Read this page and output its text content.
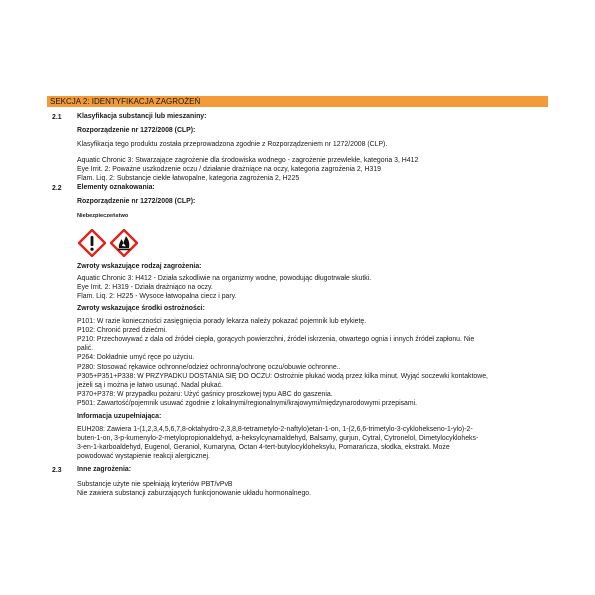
SEKCJA 2: IDENTYFIKACJA ZAGROŻEŃ
2.1 Klasyfikacja substancji lub mieszaniny:
Rozporządzenie nr 1272/2008 (CLP):
Klasyfikacja tego produktu została przeprowadzona zgodnie z Rozporządzeniem nr 1272/2008 (CLP).
Aquatic Chronic 3: Stwarzające zagrożenie dla środowiska wodnego - zagrożenie przewlekłe, kategoria 3, H412
Eye Irrit. 2: Poważne uszkodzenie oczu / działanie drażniące na oczy, kategoria zagrożenia 2, H319
Flam. Liq. 2: Substancje ciekłe łatwopalne, kategoria zagrożenia 2, H225
2.2 Elementy oznakowania:
Rozporządzenie nr 1272/2008 (CLP):
Niebezpieczeństwo
Zwroty wskazujące rodzaj zagrożenia:
Aquatic Chronic 3: H412 - Działa szkodliwie na organizmy wodne, powodując długotrwałe skutki.
Eye Irrit. 2: H319 - Działa drażniąco na oczy.
Flam. Liq. 2: H225 - Wysoce łatwopalna ciecz i pary.
Zwroty wskazujące środki ostrożności:
P101: W razie konieczności zasięgnięcia porady lekarza należy pokazać pojemnik lub etykietę.
P102: Chronić przed dziećmi.
P210: Przechowywać z dala od źródeł ciepła, gorących powierzchni, źródeł iskrzenia, otwartego ognia i innych źródeł zapłonu. Nie
palić.
P264: Dokładnie umyć ręce po użyciu.
P280: Stosować rękawice ochronne/odzież ochronną/ochronę oczu/obuwie ochronne..
P305+P351+P338: W PRZYPADKU DOSTANIA SIĘ DO OCZU: Ostrożnie płukać wodą przez kilka minut. Wyjąć soczewki kontaktowe,
jeżeli są i można je łatwo usunąć. Nadal płukać.
P370+P378: W przypadku pożaru: Użyć gaśnicy proszkowej typu ABC do gaszenia.
P501: Zawartość/pojemnik usuwać zgodnie z lokalnymi/regionalnymi/krajowymi/międzynarodowymi przepisami.
Informacja uzupełniająca:
EUH208: Zawiera 1-(1,2,3,4,5,6,7,8-oktahydro-2,3,8,8-tetrametylo-2-naftylo)etan-1-on, 1-(2,6,6-trimetylo-3-cyklohekseno-1-ylo)-2-
buten-1-on, 3-p-kumenylo-2-metylopropionaldehyd, a-heksylcynamaldehyd, Balsamy, gurjun, Cytral, Cytronelol, Dimetylocykloheks-
3-en-1-karboaldehyd, Eugenol, Geraniol, Kumaryna, Octan 4-tert-butylocykloheksylu, Pomarańcza, słodka, ekstrakt. Może
powodować wystąpienie reakcji alergicznej.
2.3 Inne zagrożenia:
Substancje użyte nie spełniają kryteriów PBT/vPvB
Nie zawiera substancji zaburzających funkcjonowanie układu hormonalnego.
